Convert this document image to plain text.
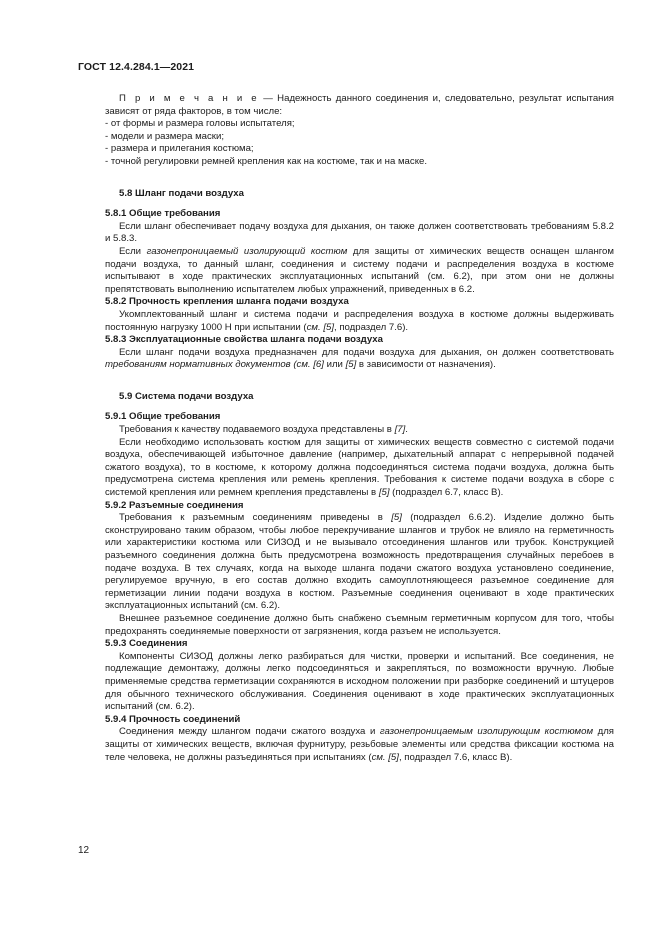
ГОСТ 12.4.284.1—2021

П р и м е ч а н и е — Надежность данного соединения и, следовательно, результат испытания зависят от ряда факторов, в том числе:

- от формы и размера головы испытателя;
- модели и размера маски;
- размера и прилегания костюма;
- точной регулировки ремней крепления как на костюме, так и на маске.

5.8 Шланг подачи воздуха

5.8.1 Общие требования

Если шланг обеспечивает подачу воздуха для дыхания, он также должен соответствовать требованиям 5.8.2 и 5.8.3.

Если газонепроницаемый изолирующий костюм для защиты от химических веществ оснащен шлангом подачи воздуха, то данный шланг, соединения и систему подачи и распределения воздуха в костюме испытывают в ходе практических эксплуатационных испытаний (см. 6.2), при этом они не должны препятствовать выполнению испытателем любых упражнений, приведенных в 6.2.

5.8.2 Прочность крепления шланга подачи воздуха

Укомплектованный шланг и система подачи и распределения воздуха в костюме должны выдерживать постоянную нагрузку 1000 Н при испытании (см. [5], подраздел 7.6).

5.8.3 Эксплуатационные свойства шланга подачи воздуха

Если шланг подачи воздуха предназначен для подачи воздуха для дыхания, он должен соответствовать требованиям нормативных документов (см. [6] или [5] в зависимости от назначения).

5.9 Система подачи воздуха

5.9.1 Общие требования

Требования к качеству подаваемого воздуха представлены в [7].

Если необходимо использовать костюм для защиты от химических веществ совместно с системой подачи воздуха, обеспечивающей избыточное давление (например, дыхательный аппарат с непрерывной подачей сжатого воздуха), то в костюме, к которому должна подсоединяться система подачи воздуха, должна быть предусмотрена система крепления или ремень крепления. Требования к системе подачи воздуха в сборе с системой крепления или ремнем крепления представлены в [5] (подраздел 6.7, класс В).

5.9.2 Разъемные соединения

Требования к разъемным соединениям приведены в [5] (подраздел 6.6.2). Изделие должно быть сконструировано таким образом, чтобы любое перекручивание шлангов и трубок не влияло на герметичность или характеристики костюма или СИЗОД и не вызывало отсоединения шлангов или трубок. Конструкцией разъемного соединения должна быть предусмотрена возможность предотвращения случайных перебоев в подаче воздуха. В тех случаях, когда на выходе шланга подачи сжатого воздуха установлено соединение, регулируемое вручную, в его состав должно входить самоуплотняющееся разъемное соединение для герметизации линии подачи воздуха в костюм. Разъемные соединения оценивают в ходе практических эксплуатационных испытаний (см. 6.2).

Внешнее разъемное соединение должно быть снабжено съемным герметичным корпусом для того, чтобы предохранять соединяемые поверхности от загрязнения, когда разъем не используется.

5.9.3 Соединения

Компоненты СИЗОД должны легко разбираться для чистки, проверки и испытаний. Все соединения, не подлежащие демонтажу, должны легко подсоединяться и закрепляться, по возможности вручную. Любые применяемые средства герметизации сохраняются в исходном положении при разборке соединений и штуцеров для обычного технического обслуживания. Соединения оценивают в ходе практических эксплуатационных испытаний (см. 6.2).

5.9.4 Прочность соединений

Соединения между шлангом подачи сжатого воздуха и газонепроницаемым изолирующим костюмом для защиты от химических веществ, включая фурнитуру, резьбовые элементы или средства фиксации костюма на теле человека, не должны разъединяться при испытаниях (см. [5], подраздел 7.6, класс В).

12
